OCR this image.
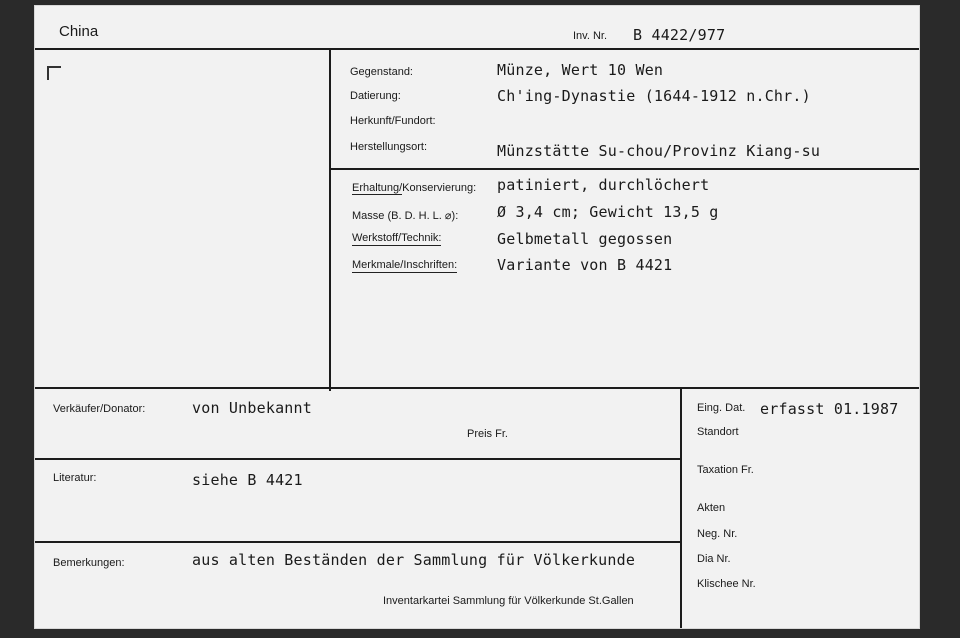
China	Inv. Nr. B 4422/977
Gegenstand:	Münze, Wert 10 Wen
Datierung:	Ch'ing-Dynastie (1644-1912 n.Chr.)
Herkunft/Fundort:
Herstellungsort:	Münzstätte Su-chou/Provinz Kiang-su
Erhaltung/Konservierung: patiniert, durchlöchert
Masse (B. D. H. L. ⌀):	Ø 3,4 cm; Gewicht 13,5 g
Werkstoff/Technik:	Gelbmetall gegossen
Merkmale/Inschriften:	Variante von B 4421
Verkäufer/Donator:	von Unbekannt
Preis Fr.
Literatur:	siehe B 4421
Bemerkungen:	aus alten Beständen der Sammlung für Völkerkunde
Inventarkartei Sammlung für Völkerkunde St.Gallen
Eing. Dat. erfasst 01.1987
Standort
Taxation Fr.
Akten
Neg. Nr.
Dia Nr.
Klischee Nr.
